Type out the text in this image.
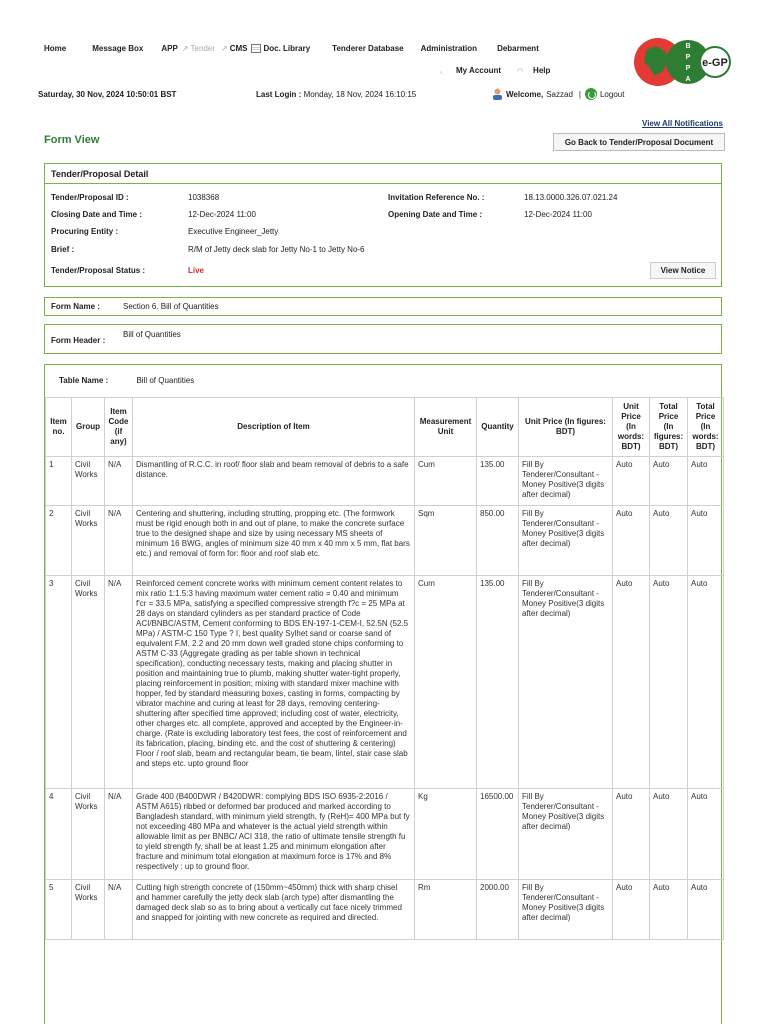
Home	Message Box APP ↗ Tender ↗ CMS Doc. Library	Tenderer Database Administration	Debarment
◟	My Account ◠	Help
B
P
P
A
e-GP
Saturday, 30 Nov, 2024 10:50:01 BST	Last Login : Monday, 18 Nov, 2024 16:10:15	Welcome, Sazzad | Logout
View All Notifications
Form View	Go Back to Tender/Proposal Document
Tender/Proposal Detail
Tender/Proposal ID :	1038368	Invitation Reference No. :	18.13.0000.326.07.021.24
Closing Date and Time :	12-Dec-2024 11:00	Opening Date and Time :	12-Dec-2024 11:00
Procuring Entity :	Executive Engineer_Jetty
Brief :	R/M of Jetty deck slab for Jetty No-1 to Jetty No-6
Tender/Proposal Status :	Live	View Notice
Form Name :	Section 6. Bill of Quantities
Form Header :
Bill of Quantities
Table Name :	Bill of Quantities
Item no.	Group	Item Code (if any)	Description of Item	Measurement Unit	Quantity	Unit Price (In figures: BDT)	Unit Price (In words: BDT)	Total Price (In figures: BDT)	Total Price (In words: BDT)
1	Civil Works	N/A	Dismantling of R.C.C. in roof/ floor slab and beam removal of debris to a safe distance.	Cum	135.00	Fill By Tenderer/Consultant - Money Positive(3 digits after decimal)	Auto	Auto	Auto
2	Civil Works	N/A	Centering and shuttering, including strutting, propping etc. (The formwork must be rigid enough both in and out of plane, to make the concrete surface true to the designed shape and size by using necessary MS sheets of minimum 16 BWG, angles of minimum size 40 mm x 40 mm x 5 mm, flat bars etc.) and removal of form for: floor and roof slab etc.	Sqm	850.00	Fill By Tenderer/Consultant - Money Positive(3 digits after decimal)	Auto	Auto	Auto
3	Civil Works	N/A	Reinforced cement concrete works with minimum cement content relates to mix ratio 1:1.5:3 having maximum water cement ratio = 0.40 and minimum f'cr = 33.5 MPa, satisfying a specified compressive strength f?c = 25 MPa at 28 days on standard cylinders as per standard practice of Code ACI/BNBC/ASTM, Cement conforming to BDS EN-197-1-CEM-I, 52.5N (52.5 MPa) / ASTM-C 150 Type ? I, best quality Sylhet sand or coarse sand of equivalent F.M. 2.2 and 20 mm down well graded stone chips conforming to ASTM C-33 (Aggregate grading as per table shown in technical specification), conducting necessary tests, making and placing shutter in position and maintaining true to plumb, making shutter water-tight properly, placing reinforcement in position; mixing with standard mixer machine with hopper, fed by standard measuring boxes, casting in forms, compacting by vibrator machine and curing at least for 28 days, removing centering-shuttering after specified time approved; including cost of water, electricity, other charges etc. all complete, approved and accepted by the Engineer-in-charge. (Rate is excluding laboratory test fees, the cost of reinforcement and its fabrication, placing, binding etc. and the cost of shuttering & centering) Floor / roof slab, beam and rectangular beam, tie beam, lintel, stair case slab and steps etc. upto ground floor	Cum	135.00	Fill By Tenderer/Consultant - Money Positive(3 digits after decimal)	Auto	Auto	Auto
4	Civil Works	N/A	Grade 400 (B400DWR / B420DWR: complying BDS ISO 6935-2:2016 / ASTM A615) ribbed or deformed bar produced and marked according to Bangladesh standard, with minimum yield strength, fy (ReH)= 400 MPa but fy not exceeding 480 MPa and whatever is the actual yield strength within allowable limit as per BNBC/ ACI 318, the ratio of ultimate tensile strength fu to yield strength fy, shall be at least 1.25 and minimum elongation after fracture and minimum total elongation at maximum force is 17% and 8% respectively : up to ground floor.	Kg	16500.00	Fill By Tenderer/Consultant - Money Positive(3 digits after decimal)	Auto	Auto	Auto
5	Civil Works	N/A	Cutting high strength concrete of (150mm~450mm) thick with sharp chisel and hammer carefully the jetty deck slab (arch type) after dismantling the damaged deck slab so as to bring about a vertically cut face nicely trimmed and snapped for jointing with new concrete as required and directed.	Rm	2000.00	Fill By Tenderer/Consultant - Money Positive(3 digits after decimal)	Auto	Auto	Auto
